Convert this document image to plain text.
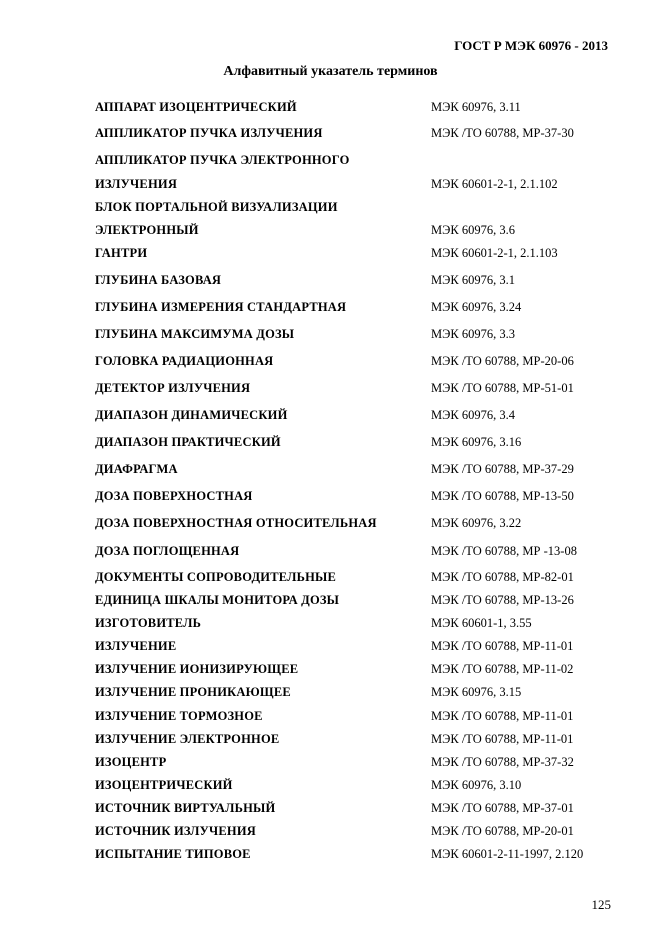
ГОСТ Р МЭК 60976 - 2013
Алфавитный указатель терминов
АППАРАТ ИЗОЦЕНТРИЧЕСКИЙ	МЭК 60976, 3.11
АППЛИКАТОР ПУЧКА ИЗЛУЧЕНИЯ	МЭК /ТО 60788, МР-37-30
АППЛИКАТОР ПУЧКА ЭЛЕКТРОННОГО
ИЗЛУЧЕНИЯ	МЭК 60601-2-1, 2.1.102
БЛОК ПОРТАЛЬНОЙ ВИЗУАЛИЗАЦИИ
ЭЛЕКТРОННЫЙ	МЭК 60976, 3.6
ГАНТРИ	МЭК 60601-2-1, 2.1.103
ГЛУБИНА БАЗОВАЯ	МЭК 60976, 3.1
ГЛУБИНА ИЗМЕРЕНИЯ СТАНДАРТНАЯ	МЭК 60976, 3.24
ГЛУБИНА МАКСИМУМА ДОЗЫ	МЭК 60976, 3.3
ГОЛОВКА РАДИАЦИОННАЯ	МЭК /ТО 60788, МР-20-06
ДЕТЕКТОР ИЗЛУЧЕНИЯ	МЭК /ТО 60788, МР-51-01
ДИАПАЗОН ДИНАМИЧЕСКИЙ	МЭК 60976, 3.4
ДИАПАЗОН ПРАКТИЧЕСКИЙ	МЭК 60976, 3.16
ДИАФРАГМА	МЭК /ТО 60788, МР-37-29
ДОЗА ПОВЕРХНОСТНАЯ	МЭК /ТО 60788, МР-13-50
ДОЗА ПОВЕРХНОСТНАЯ ОТНОСИТЕЛЬНАЯ	МЭК 60976, 3.22
ДОЗА ПОГЛОЩЕННАЯ	МЭК /ТО 60788, МР -13-08
ДОКУМЕНТЫ СОПРОВОДИТЕЛЬНЫЕ	МЭК /ТО 60788, МР-82-01
ЕДИНИЦА ШКАЛЫ МОНИТОРА ДОЗЫ	МЭК /ТО 60788, МР-13-26
ИЗГОТОВИТЕЛЬ	МЭК 60601-1, 3.55
ИЗЛУЧЕНИЕ	МЭК /ТО 60788, МР-11-01
ИЗЛУЧЕНИЕ ИОНИЗИРУЮЩЕЕ	МЭК /ТО 60788, МР-11-02
ИЗЛУЧЕНИЕ ПРОНИКАЮЩЕЕ	МЭК 60976, 3.15
ИЗЛУЧЕНИЕ ТОРМОЗНОЕ	МЭК /ТО 60788, МР-11-01
ИЗЛУЧЕНИЕ ЭЛЕКТРОННОЕ	МЭК /ТО 60788, МР-11-01
ИЗОЦЕНТР	МЭК /ТО 60788, МР-37-32
ИЗОЦЕНТРИЧЕСКИЙ	МЭК 60976, 3.10
ИСТОЧНИК ВИРТУАЛЬНЫЙ	МЭК /ТО 60788, МР-37-01
ИСТОЧНИК ИЗЛУЧЕНИЯ	МЭК /ТО 60788, МР-20-01
ИСПЫТАНИЕ ТИПОВОЕ	МЭК 60601-2-11-1997, 2.120
125
